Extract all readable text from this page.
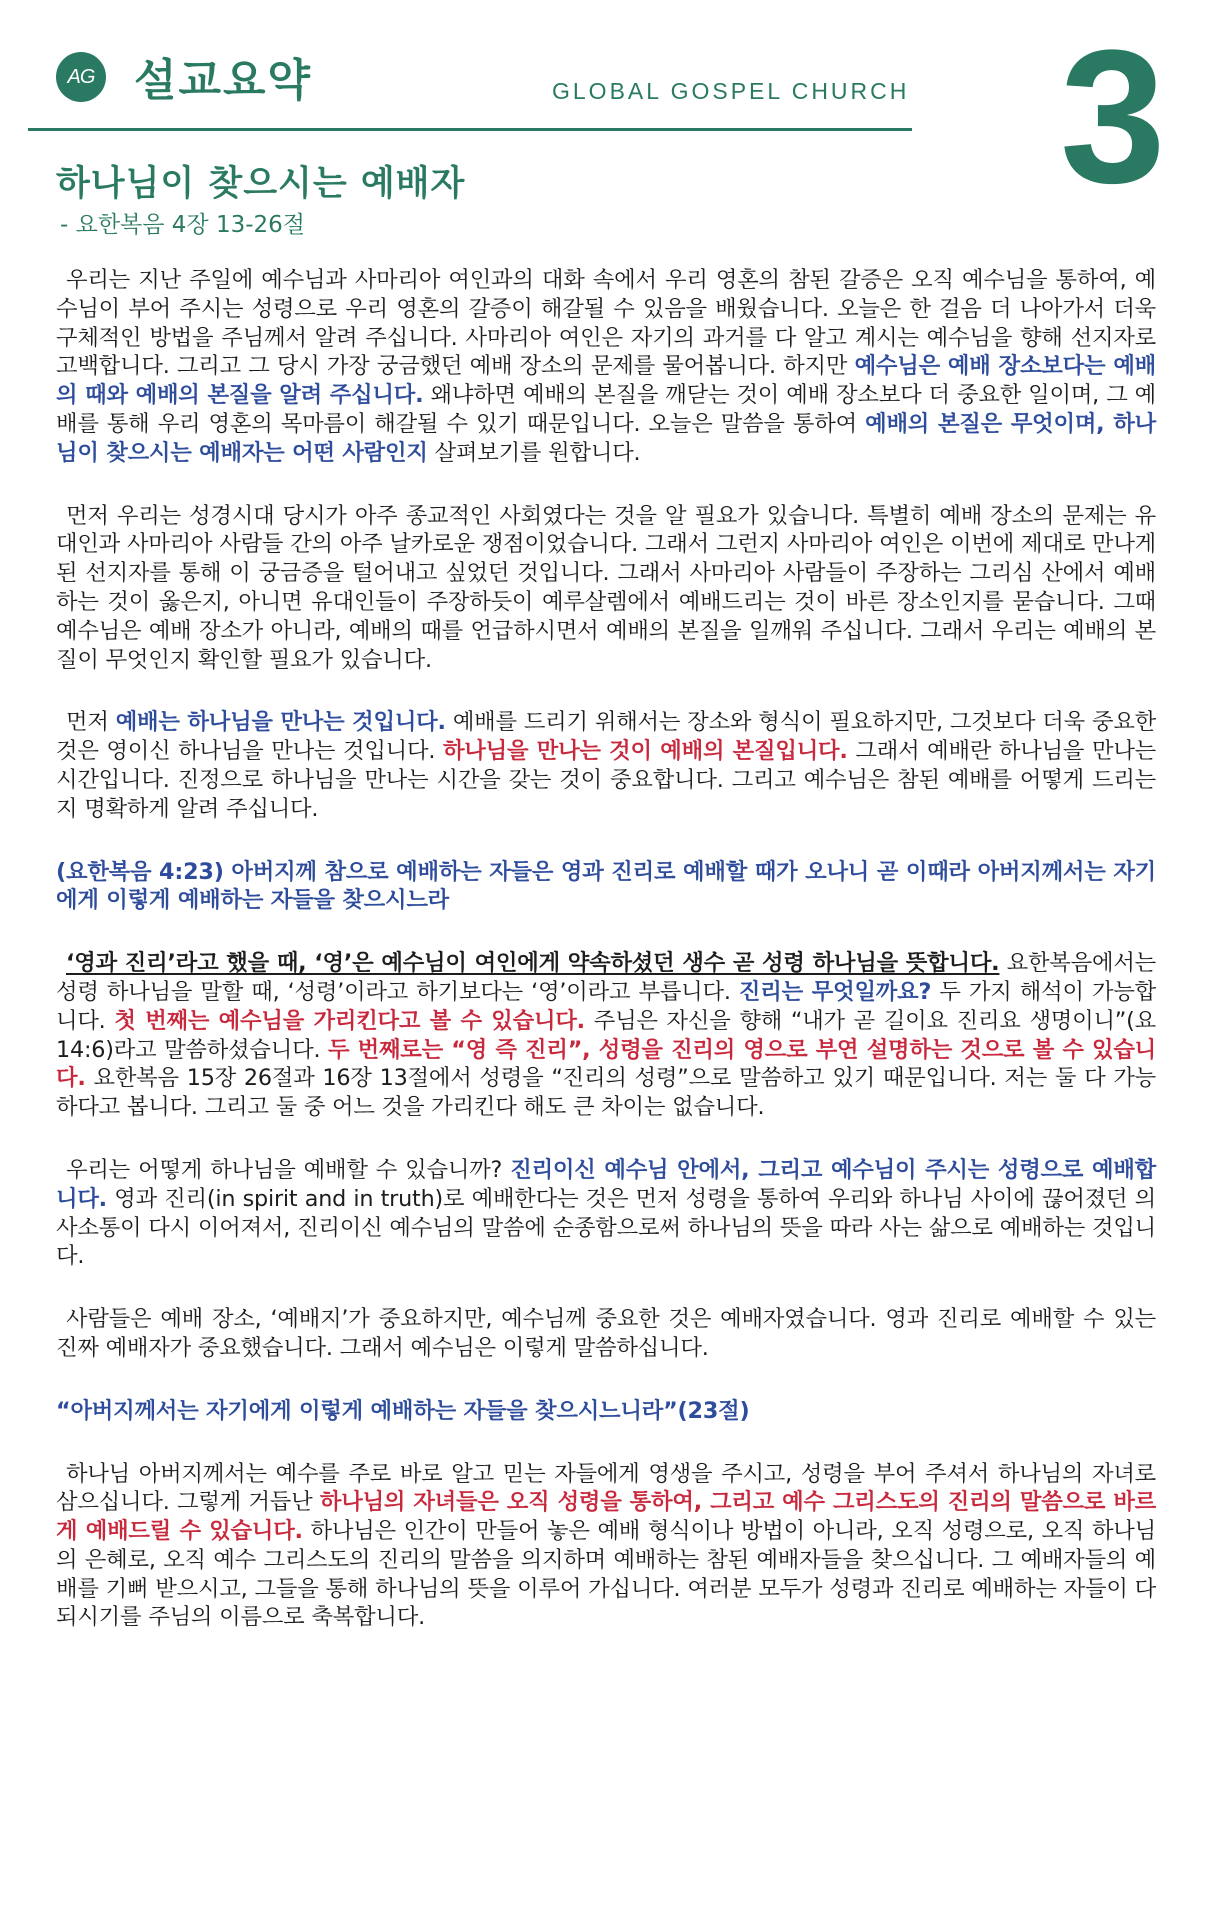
AG 설교요약	GLOBAL GOSPEL CHURCH 3
하나님이 찾으시는 예배자
- 요한복음 4장 13-26절

우리는 지난 주일에 예수님과 사마리아 여인과의 대화 속에서 우리 영혼의 참된 갈증은 오직 예수님을 통하여, 예수님이 부어 주시는 성령으로 우리 영혼의 갈증이 해갈될 수 있음을 배웠습니다. 오늘은 한 걸음 더 나아가서 더욱 구체적인 방법을 주님께서 알려 주십니다. 사마리아 여인은 자기의 과거를 다 알고 계시는 예수님을 향해 선지자로 고백합니다. 그리고 그 당시 가장 궁금했던 예배 장소의 문제를 물어봅니다. 하지만 예수님은 예배 장소보다는 예배의 때와 예배의 본질을 알려 주십니다. 왜냐하면 예배의 본질을 깨닫는 것이 예배 장소보다 더 중요한 일이며, 그 예배를 통해 우리 영혼의 목마름이 해갈될 수 있기 때문입니다. 오늘은 말씀을 통하여 예배의 본질은 무엇이며, 하나님이 찾으시는 예배자는 어떤 사람인지 살펴보기를 원합니다.

먼저 우리는 성경시대 당시가 아주 종교적인 사회였다는 것을 알 필요가 있습니다. 특별히 예배 장소의 문제는 유대인과 사마리아 사람들 간의 아주 날카로운 쟁점이었습니다. 그래서 그런지 사마리아 여인은 이번에 제대로 만나게 된 선지자를 통해 이 궁금증을 털어내고 싶었던 것입니다. 그래서 사마리아 사람들이 주장하는 그리심 산에서 예배하는 것이 옳은지, 아니면 유대인들이 주장하듯이 예루살렘에서 예배드리는 것이 바른 장소인지를 묻습니다. 그때 예수님은 예배 장소가 아니라, 예배의 때를 언급하시면서 예배의 본질을 일깨워 주십니다. 그래서 우리는 예배의 본질이 무엇인지 확인할 필요가 있습니다.

먼저 예배는 하나님을 만나는 것입니다. 예배를 드리기 위해서는 장소와 형식이 필요하지만, 그것보다 더욱 중요한 것은 영이신 하나님을 만나는 것입니다. 하나님을 만나는 것이 예배의 본질입니다. 그래서 예배란 하나님을 만나는 시간입니다. 진정으로 하나님을 만나는 시간을 갖는 것이 중요합니다. 그리고 예수님은 참된 예배를 어떻게 드리는지 명확하게 알려 주십니다.

(요한복음 4:23) 아버지께 참으로 예배하는 자들은 영과 진리로 예배할 때가 오나니 곧 이때라 아버지께서는 자기에게 이렇게 예배하는 자들을 찾으시느라

‘영과 진리’라고 했을 때, ‘영’은 예수님이 여인에게 약속하셨던 생수 곧 성령 하나님을 뜻합니다. 요한복음에서는 성령 하나님을 말할 때, ‘성령’이라고 하기보다는 ‘영’이라고 부릅니다. 진리는 무엇일까요? 두 가지 해석이 가능합니다. 첫 번째는 예수님을 가리킨다고 볼 수 있습니다. 주님은 자신을 향해 “내가 곧 길이요 진리요 생명이니”(요 14:6)라고 말씀하셨습니다. 두 번째로는 “영 즉 진리”, 성령을 진리의 영으로 부연 설명하는 것으로 볼 수 있습니다. 요한복음 15장 26절과 16장 13절에서 성령을 “진리의 성령”으로 말씀하고 있기 때문입니다. 저는 둘 다 가능하다고 봅니다. 그리고 둘 중 어느 것을 가리킨다 해도 큰 차이는 없습니다.

우리는 어떻게 하나님을 예배할 수 있습니까? 진리이신 예수님 안에서, 그리고 예수님이 주시는 성령으로 예배합니다. 영과 진리(in spirit and in truth)로 예배한다는 것은 먼저 성령을 통하여 우리와 하나님 사이에 끊어졌던 의사소통이 다시 이어져서, 진리이신 예수님의 말씀에 순종함으로써 하나님의 뜻을 따라 사는 삶으로 예배하는 것입니다.

사람들은 예배 장소, ‘예배지’가 중요하지만, 예수님께 중요한 것은 예배자였습니다. 영과 진리로 예배할 수 있는 진짜 예배자가 중요했습니다. 그래서 예수님은 이렇게 말씀하십니다.

“아버지께서는 자기에게 이렇게 예배하는 자들을 찾으시느니라”(23절)

하나님 아버지께서는 예수를 주로 바로 알고 믿는 자들에게 영생을 주시고, 성령을 부어 주셔서 하나님의 자녀로 삼으십니다. 그렇게 거듭난 하나님의 자녀들은 오직 성령을 통하여, 그리고 예수 그리스도의 진리의 말씀으로 바르게 예배드릴 수 있습니다. 하나님은 인간이 만들어 놓은 예배 형식이나 방법이 아니라, 오직 성령으로, 오직 하나님의 은혜로, 오직 예수 그리스도의 진리의 말씀을 의지하며 예배하는 참된 예배자들을 찾으십니다. 그 예배자들의 예배를 기뻐 받으시고, 그들을 통해 하나님의 뜻을 이루어 가십니다. 여러분 모두가 성령과 진리로 예배하는 자들이 다 되시기를 주님의 이름으로 축복합니다.
